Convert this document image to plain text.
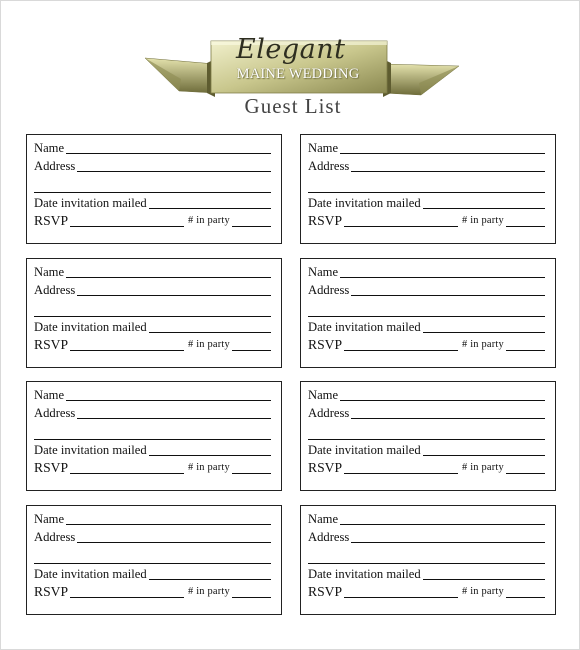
Elegant
MAINE WEDDING
Guest List
Name
Address
Date invitation mailed
RSVP	# in party
Name
Address
Date invitation mailed
RSVP	# in party
Name
Address
Date invitation mailed
RSVP	# in party
Name
Address
Date invitation mailed
RSVP	# in party
Name
Address
Date invitation mailed
RSVP	# in party
Name
Address
Date invitation mailed
RSVP	# in party
Name
Address
Date invitation mailed
RSVP	# in party
Name
Address
Date invitation mailed
RSVP	# in party
